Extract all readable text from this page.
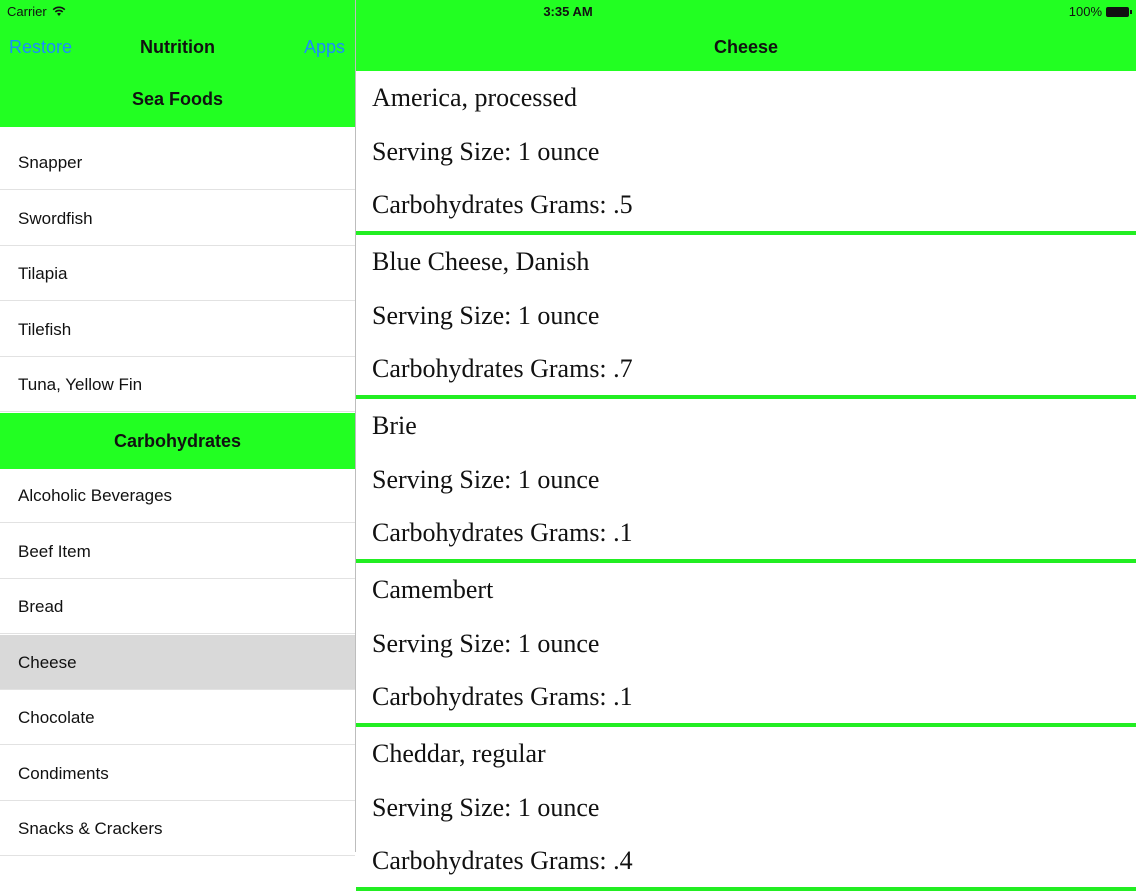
Carrier	3:35 AM	100%
Restore	Nutrition	Apps
Sea Foods
Snapper
Swordfish
Tilapia
Tilefish
Tuna, Yellow Fin
Carbohydrates
Alcoholic Beverages
Beef Item
Bread
Cheese
Chocolate
Condiments
Snacks & Crackers
Cheese
America, processed
Serving Size: 1 ounce
Carbohydrates Grams: .5
Blue Cheese, Danish
Serving Size: 1 ounce
Carbohydrates Grams: .7
Brie
Serving Size: 1 ounce
Carbohydrates Grams: .1
Camembert
Serving Size: 1 ounce
Carbohydrates Grams: .1
Cheddar, regular
Serving Size: 1 ounce
Carbohydrates Grams: .4
